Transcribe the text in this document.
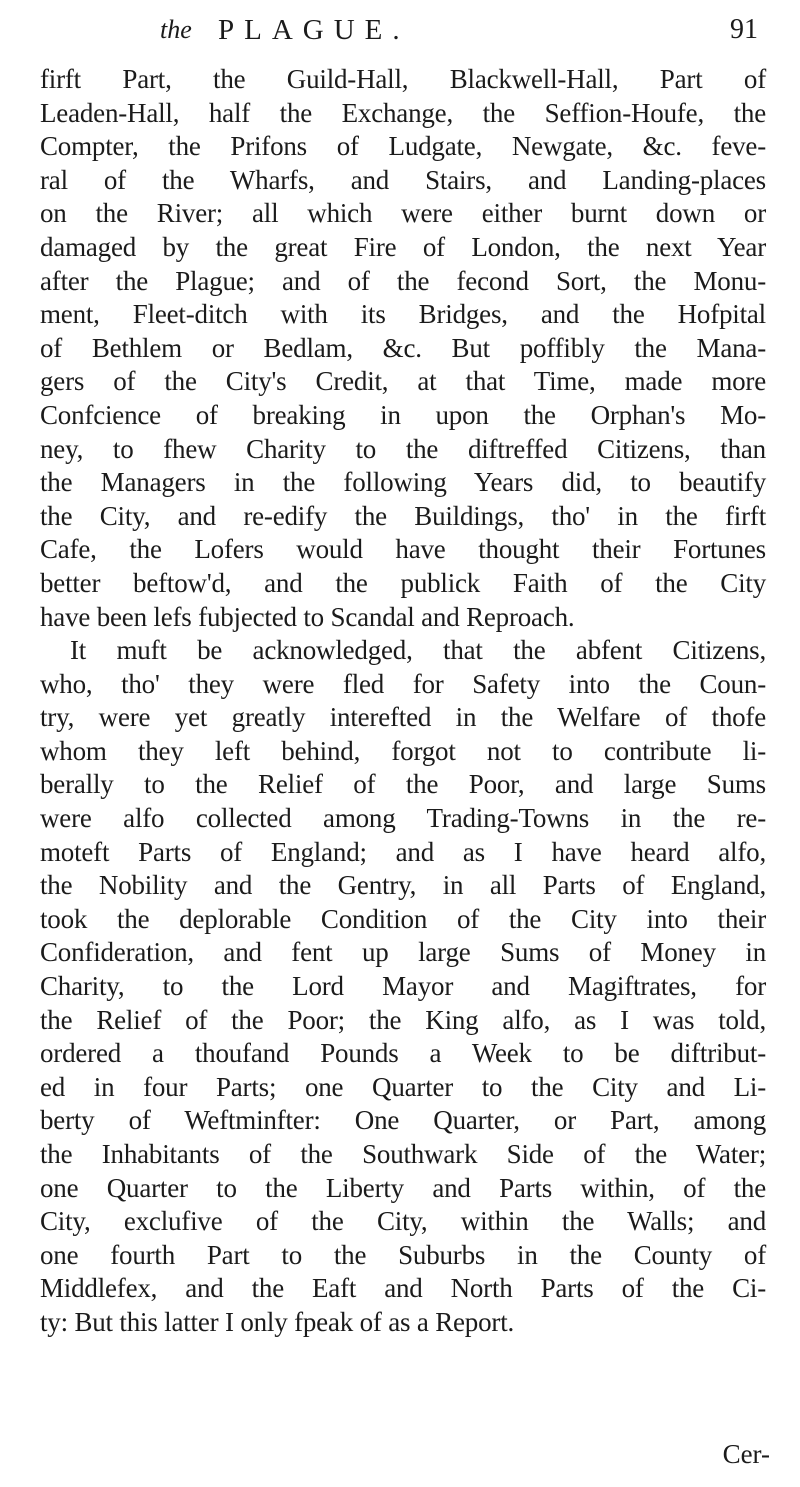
the PLAGUE.	91
firft Part, the Guild-Hall, Blackwell-Hall, Part of
Leaden-Hall, half the Exchange, the Seffion-Houfe, the
Compter, the Prifons of Ludgate, Newgate, &c. feve-
ral of the Wharfs, and Stairs, and Landing-places
on the River; all which were either burnt down or
damaged by the great Fire of London, the next Year
after the Plague; and of the fecond Sort, the Monu-
ment, Fleet-ditch with its Bridges, and the Hofpital
of Bethlem or Bedlam, &c. But poffibly the Mana-
gers of the City's Credit, at that Time, made more
Confcience of breaking in upon the Orphan's Mo-
ney, to fhew Charity to the diftreffed Citizens, than
the Managers in the following Years did, to beautify
the City, and re-edify the Buildings, tho' in the firft
Cafe, the Lofers would have thought their Fortunes
better beftow'd, and the publick Faith of the City
have been lefs fubjected to Scandal and Reproach.
It muft be acknowledged, that the abfent Citizens,
who, tho' they were fled for Safety into the Coun-
try, were yet greatly interefted in the Welfare of thofe
whom they left behind, forgot not to contribute li-
berally to the Relief of the Poor, and large Sums
were alfo collected among Trading-Towns in the re-
moteft Parts of England; and as I have heard alfo,
the Nobility and the Gentry, in all Parts of England,
took the deplorable Condition of the City into their
Confideration, and fent up large Sums of Money in
Charity, to the Lord Mayor and Magiftrates, for
the Relief of the Poor; the King alfo, as I was told,
ordered a thoufand Pounds a Week to be diftribut-
ed in four Parts; one Quarter to the City and Li-
berty of Weftminfter: One Quarter, or Part, among
the Inhabitants of the Southwark Side of the Water;
one Quarter to the Liberty and Parts within, of the
City, exclufive of the City, within the Walls; and
one fourth Part to the Suburbs in the County of
Middlefex, and the Eaft and North Parts of the Ci-
ty: But this latter I only fpeak of as a Report.
Cer-
